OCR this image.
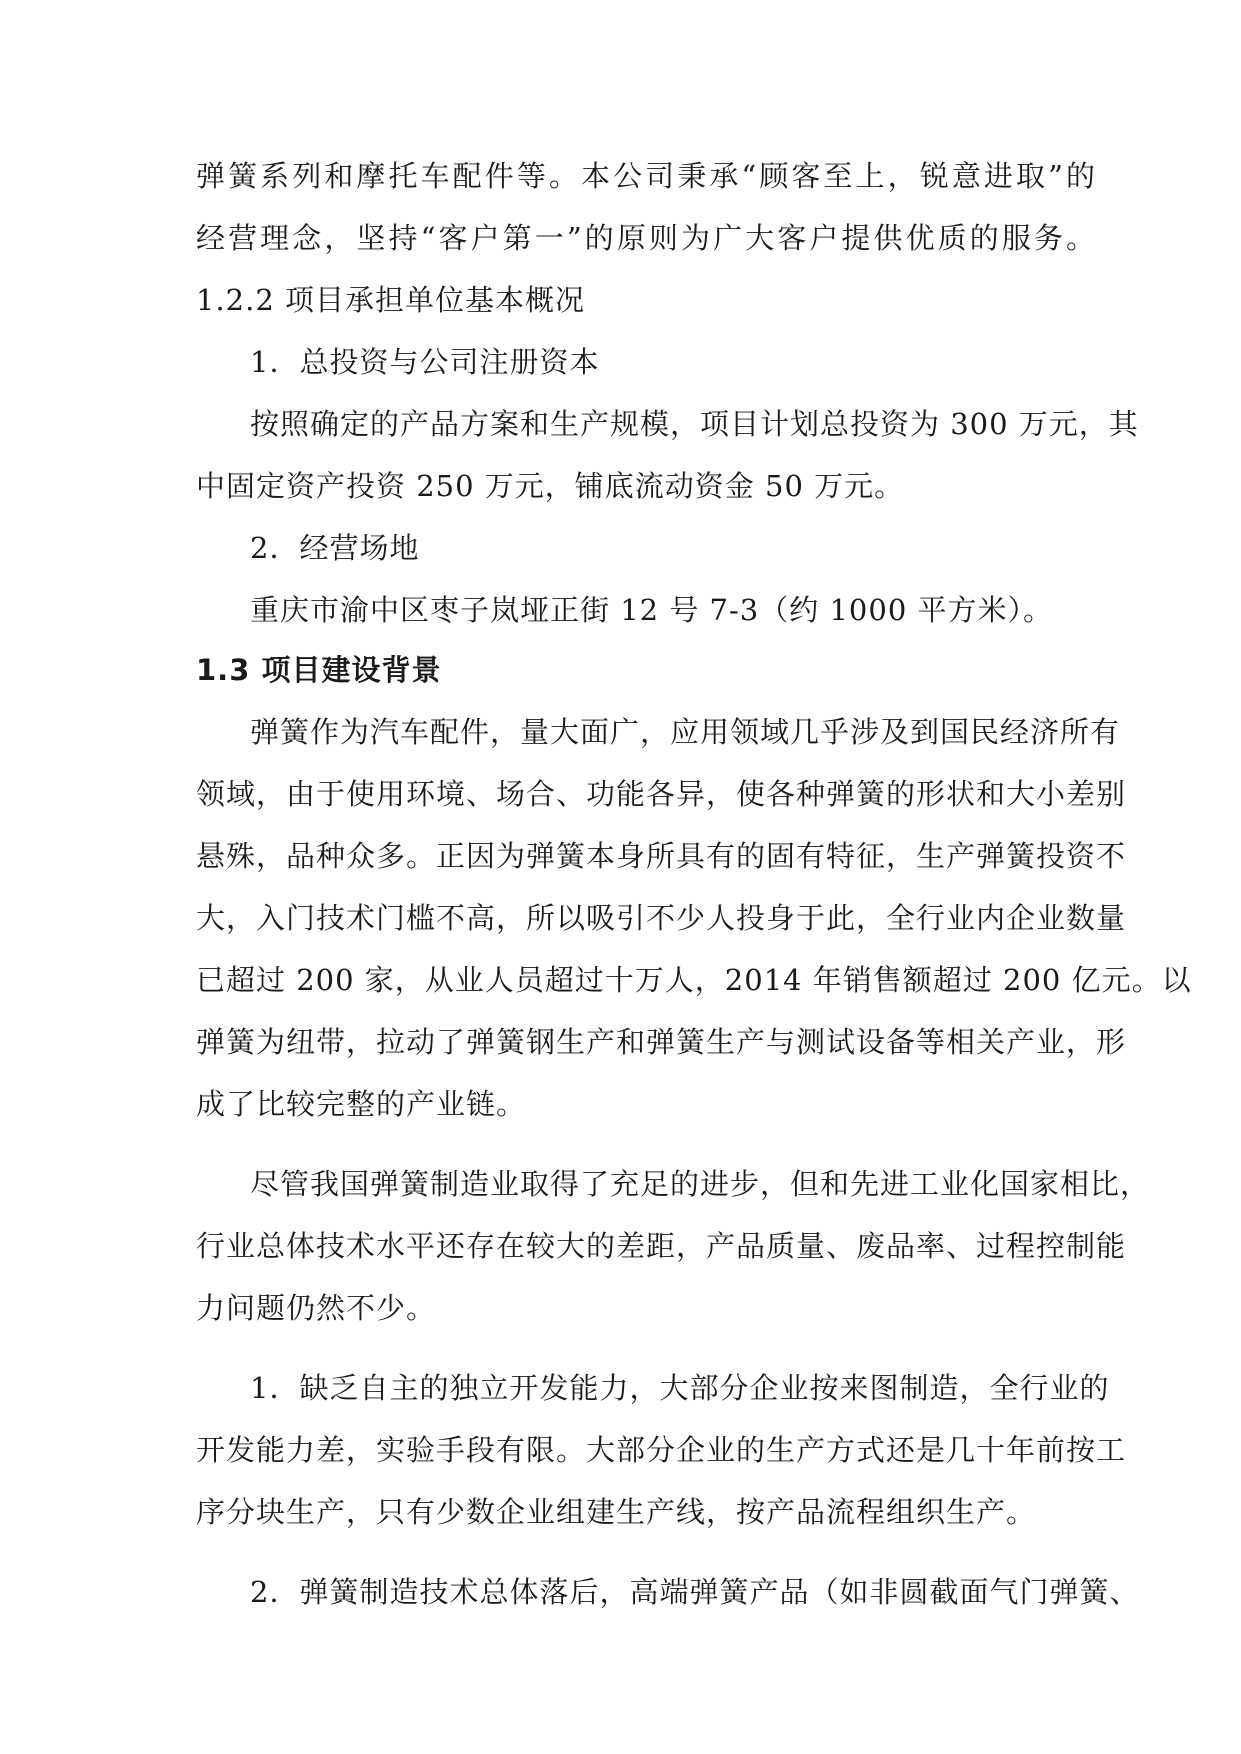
弹簧系列和摩托车配件等。本公司秉承“顾客至上，锐意进取”的
经营理念，坚持“客户第一”的原则为广大客户提供优质的服务。
1.2.2 项目承担单位基本概况
1．总投资与公司注册资本
按照确定的产品方案和生产规模，项目计划总投资为 300 万元，其
中固定资产投资 250 万元，铺底流动资金 50 万元。
2．经营场地
重庆市渝中区枣子岚垭正街 12 号 7-3（约 1000 平方米）。
1.3 项目建设背景
弹簧作为汽车配件，量大面广，应用领域几乎涉及到国民经济所有
领域，由于使用环境、场合、功能各异，使各种弹簧的形状和大小差别
悬殊，品种众多。正因为弹簧本身所具有的固有特征，生产弹簧投资不
大，入门技术门槛不高，所以吸引不少人投身于此，全行业内企业数量
已超过 200 家，从业人员超过十万人，2014 年销售额超过 200 亿元。以
弹簧为纽带，拉动了弹簧钢生产和弹簧生产与测试设备等相关产业，形
成了比较完整的产业链。
尽管我国弹簧制造业取得了充足的进步，但和先进工业化国家相比，
行业总体技术水平还存在较大的差距，产品质量、废品率、过程控制能
力问题仍然不少。
1．缺乏自主的独立开发能力，大部分企业按来图制造，全行业的
开发能力差，实验手段有限。大部分企业的生产方式还是几十年前按工
序分块生产，只有少数企业组建生产线，按产品流程组织生产。
2．弹簧制造技术总体落后，高端弹簧产品（如非圆截面气门弹簧、
